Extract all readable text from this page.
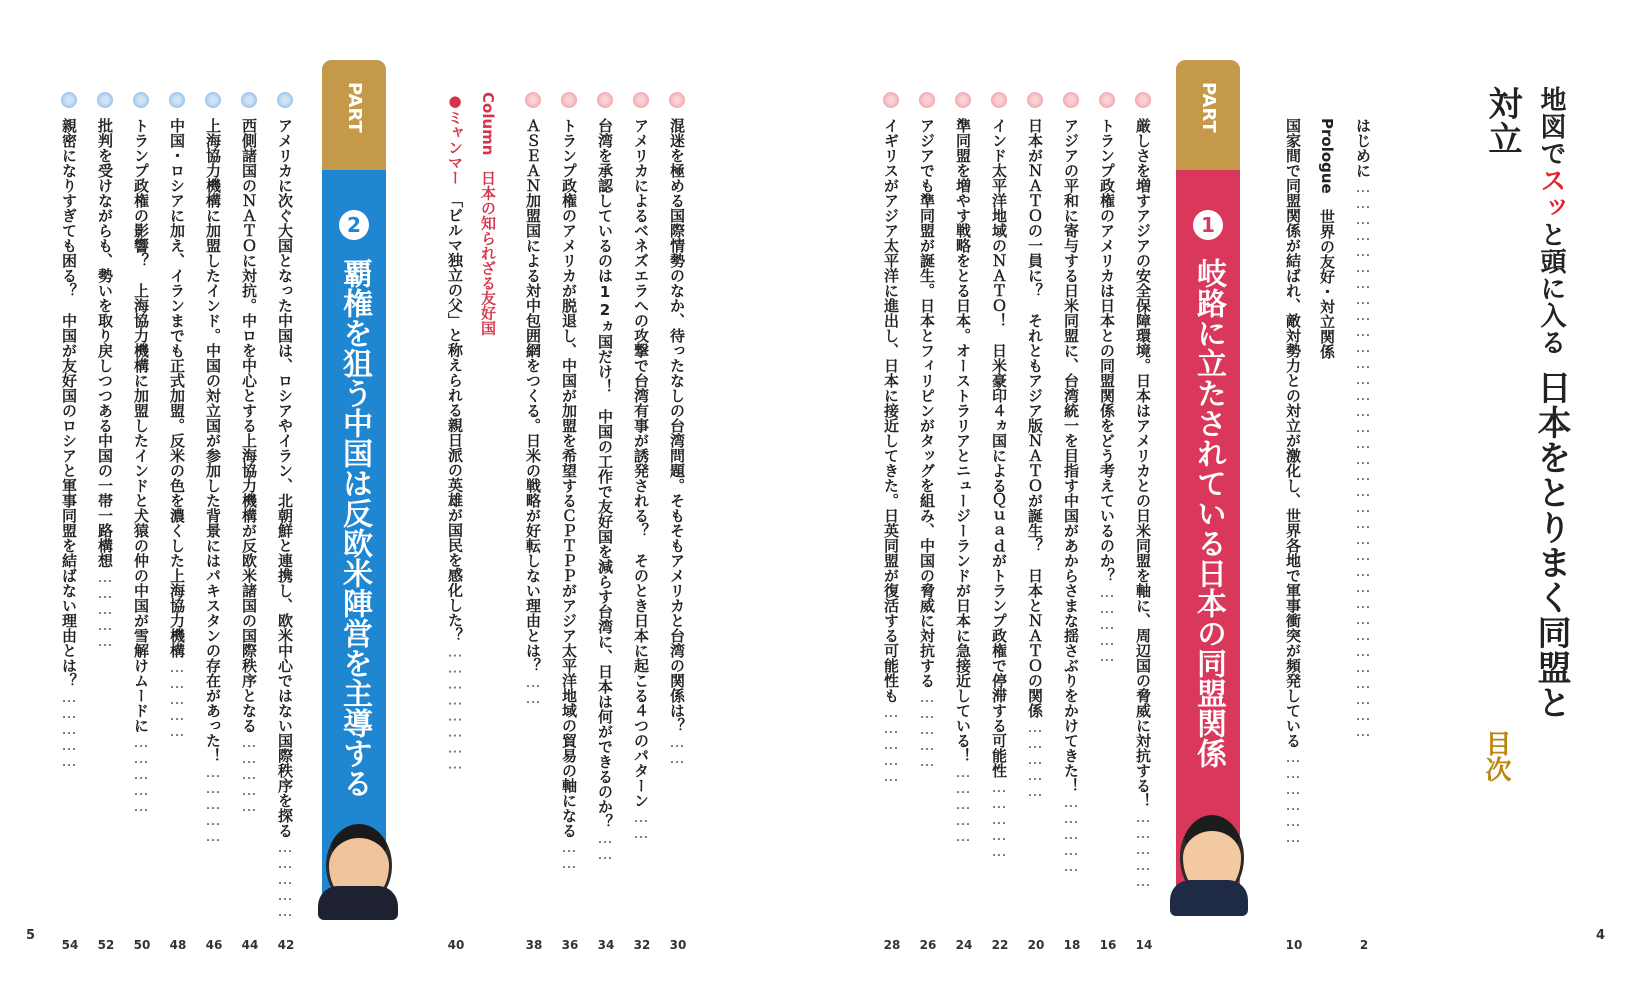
地図でスッと頭に入る日本をとりまく同盟と対立
目次
はじめに……………………………………………………………………………………………
2
Prologue　世界の友好・対立関係
国家間で同盟関係が結ばれ、敵対勢力との対立が激化し、世界各地で軍事衝突が頻発している………………
10
PART
1
岐路に立たされている日本の同盟関係
厳しさを増すアジアの安全保障環境。日本はアメリカとの日米同盟を軸に、周辺国の脅威に対抗する！……………
14
トランプ政権のアメリカは日本との同盟関係をどう考えているのか？……………
16
アジアの平和に寄与する日米同盟に、台湾統一を目指す中国があからさまな揺さぶりをかけてきた！……………
18
日本がＮＡＴＯの一員に？　それともアジア版ＮＡＴＯが誕生？　日本とＮＡＴＯの関係……………
20
インド太平洋地域のＮＡＴＯ！　日米豪印４ヵ国によるＱｕａｄがトランプ政権で停滞する可能性……………
22
準同盟を増やす戦略をとる日本。オーストラリアとニュージーランドが日本に急接近している！……………
24
アジアでも準同盟が誕生。日本とフィリピンがタッグを組み、中国の脅威に対抗する……………
26
イギリスがアジア太平洋に進出し、日本に接近してきた。日英同盟が復活する可能性も……………
28
混迷を極める国際情勢のなか、待ったなしの台湾問題。そもそもアメリカと台湾の関係は？……
30
アメリカによるベネズエラへの攻撃で台湾有事が誘発される？　そのとき日本に起こる４つのパターン……
32
台湾を承認しているのは12ヵ国だけ！　中国の工作で友好国を減らす台湾に、日本は何ができるのか？……
34
トランプ政権のアメリカが脱退し、中国が加盟を希望するＣＰＴＰＰがアジア太平洋地域の貿易の軸になる……
36
ＡＳＥＡＮ加盟国による対中包囲網をつくる。日米の戦略が好転しない理由とは？……
38
Column　日本の知られざる友好国
●ミャンマー　「ビルマ独立の父」と称えられる親日派の英雄が国民を感化した？……………………
40
PART
2
覇権を狙う中国は反欧米陣営を主導する
アメリカに次ぐ大国となった中国は、ロシアやイラン、北朝鮮と連携し、欧米中心ではない国際秩序を探る……………
42
西側諸国のＮＡＴＯに対抗。中ロを中心とする上海協力機構が反欧米諸国の国際秩序となる……………
44
上海協力機構に加盟したインド。中国の対立国が参加した背景にはパキスタンの存在があった！……………
46
中国・ロシアに加え、イランまでも正式加盟。反米の色を濃くした上海協力機構……………
48
トランプ政権の影響？　上海協力機構に加盟したインドと犬猿の仲の中国が雪解けムードに……………
50
批判を受けながらも、勢いを取り戻しつつある中国の一帯一路構想……………
52
親密になりすぎても困る？　中国が友好国のロシアと軍事同盟を結ばない理由とは？……………
54
5	4
